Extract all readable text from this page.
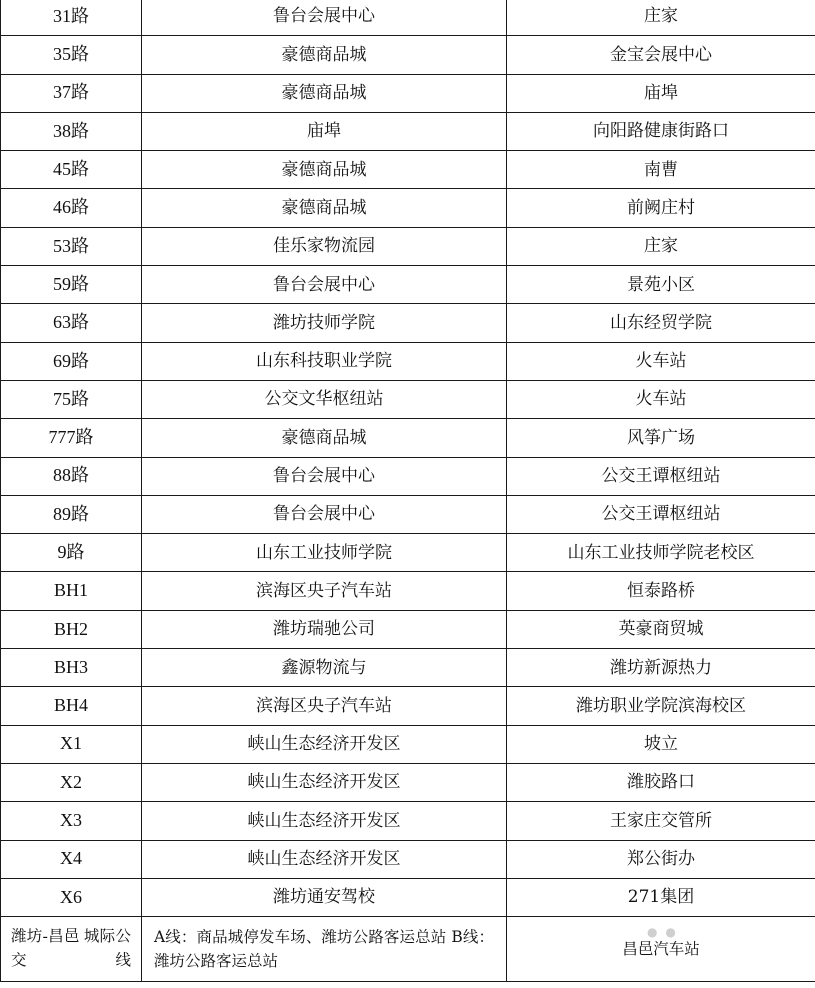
31路	鲁台会展中心	庄家
35路	豪德商品城	金宝会展中心
37路	豪德商品城	庙埠
38路	庙埠	向阳路健康街路口
45路	豪德商品城	南曹
46路	豪德商品城	前阙庄村
53路	佳乐家物流园	庄家
59路	鲁台会展中心	景苑小区
63路	潍坊技师学院	山东经贸学院
69路	山东科技职业学院	火车站
75路	公交文华枢纽站	火车站
777路	豪德商品城	风筝广场
88路	鲁台会展中心	公交王谭枢纽站
89路	鲁台会展中心	公交王谭枢纽站
9路	山东工业技师学院	山东工业技师学院老校区
BH1	滨海区央子汽车站	恒泰路桥
BH2	潍坊瑞驰公司	英豪商贸城
BH3	鑫源物流与	潍坊新源热力
BH4	滨海区央子汽车站	潍坊职业学院滨海校区
X1	峡山生态经济开发区	坡立
X2	峡山生态经济开发区	潍胶路口
X3	峡山生态经济开发区	王家庄交管所
X4	峡山生态经济开发区	郑公街办
X6	潍坊通安驾校	271集团
潍坊-昌邑 城际公交线	A线：商品城停发车场、潍坊公路客运总站 B线：潍坊公路客运总站	昌邑汽车站
● ●
